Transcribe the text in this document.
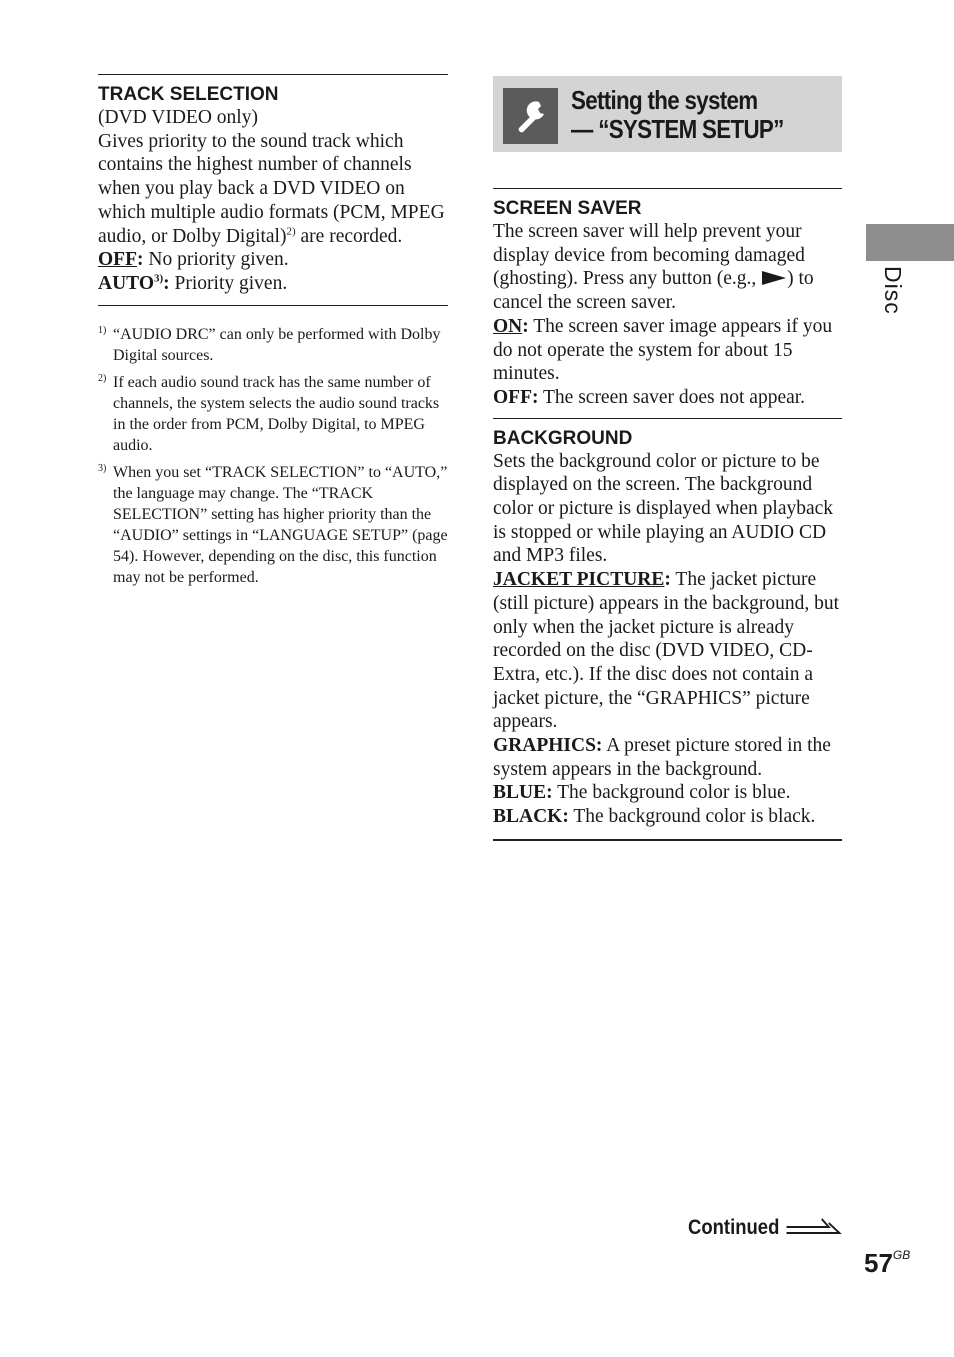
TRACK SELECTION

(DVD VIDEO only)

Gives priority to the sound track which contains the highest number of channels when you play back a DVD VIDEO on which multiple audio formats (PCM, MPEG audio, or Dolby Digital)$^{2)}$ are recorded.

OFF: No priority given.

AUTO$^{3)}$: Priority given.

1) “AUDIO DRC” can only be performed with Dolby Digital sources.
2) If each audio sound track has the same number of channels, the system selects the audio sound tracks in the order from PCM, Dolby Digital, to MPEG audio.
3) When you set “TRACK SELECTION” to “AUTO,” the language may change. The “TRACK SELECTION” setting has higher priority than the “AUDIO” settings in “LANGUAGE SETUP” (page 54). However, depending on the disc, this function may not be performed.
Setting the system
— “SYSTEM SETUP”
SCREEN SAVER

The screen saver will help prevent your display device from becoming damaged (ghosting). Press any button (e.g., ) to cancel the screen saver.

ON: The screen saver image appears if you do not operate the system for about 15 minutes.

OFF: The screen saver does not appear.

BACKGROUND

Sets the background color or picture to be displayed on the screen. The background color or picture is displayed when playback is stopped or while playing an AUDIO CD and MP3 files.

JACKET PICTURE: The jacket picture (still picture) appears in the background, but only when the jacket picture is already recorded on the disc (DVD VIDEO, CD-Extra, etc.). If the disc does not contain a jacket picture, the “GRAPHICS” picture appears.

GRAPHICS: A preset picture stored in the system appears in the background.

BLUE: The background color is blue.

BLACK: The background color is black.

Disc
Continued
$57^{GB}$
